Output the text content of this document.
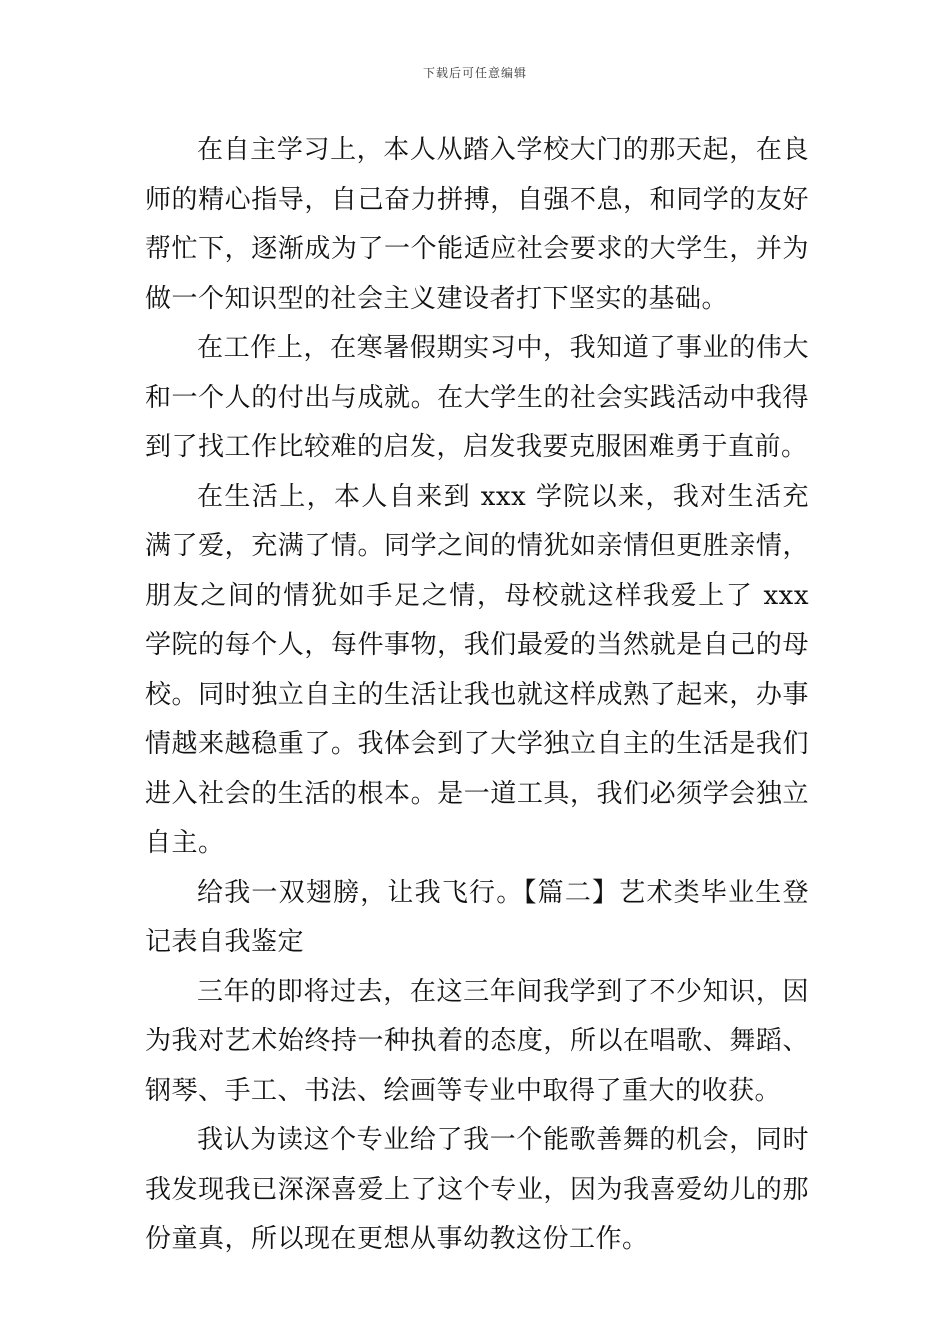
下载后可任意编辑

在自主学习上，本人从踏入学校大门的那天起，在良师的精心指导，自己奋力拼搏，自强不息，和同学的友好帮忙下，逐渐成为了一个能适应社会要求的大学生，并为做一个知识型的社会主义建设者打下坚实的基础。

在工作上，在寒暑假期实习中，我知道了事业的伟大和一个人的付出与成就。在大学生的社会实践活动中我得到了找工作比较难的启发，启发我要克服困难勇于直前。

在生活上，本人自来到 xxx 学院以来，我对生活充满了爱，充满了情。同学之间的情犹如亲情但更胜亲情，朋友之间的情犹如手足之情，母校就这样我爱上了 xxx 学院的每个人，每件事物，我们最爱的当然就是自己的母校。同时独立自主的生活让我也就这样成熟了起来，办事情越来越稳重了。我体会到了大学独立自主的生活是我们进入社会的生活的根本。是一道工具，我们必须学会独立自主。

给我一双翅膀，让我飞行。【篇二】艺术类毕业生登记表自我鉴定

三年的即将过去，在这三年间我学到了不少知识，因为我对艺术始终持一种执着的态度，所以在唱歌、舞蹈、钢琴、手工、书法、绘画等专业中取得了重大的收获。

我认为读这个专业给了我一个能歌善舞的机会，同时我发现我已深深喜爱上了这个专业，因为我喜爱幼儿的那份童真，所以现在更想从事幼教这份工作。
